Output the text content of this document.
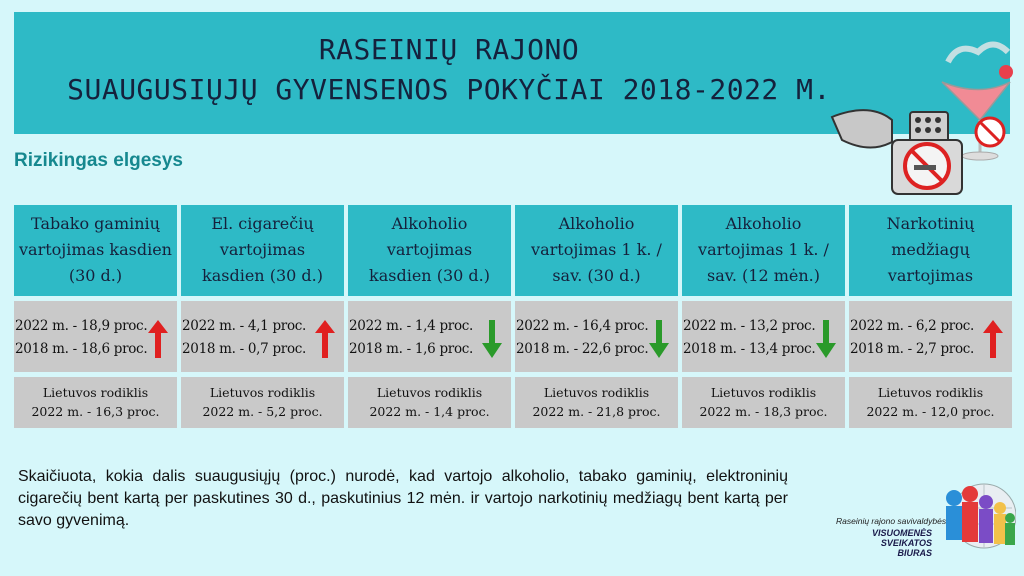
RASEINIŲ RAJONO
SUAUGUSIŲJŲ GYVENSENOS POKYČIAI 2018-2022 M.
Rizikingas elgesys
Tabako gaminių
vartojimas kasdien
(30 d.)
2022 m. - 18,9 proc.
2018 m. - 18,6 proc.
Lietuvos rodiklis
2022 m. - 16,3 proc.
El. cigarečių
vartojimas
kasdien (30 d.)
2022 m. - 4,1 proc.
2018 m. - 0,7 proc.
Lietuvos rodiklis
2022 m. - 5,2 proc.
Alkoholio
vartojimas
kasdien (30 d.)
2022 m. - 1,4 proc.
2018 m. - 1,6 proc.
Lietuvos rodiklis
2022 m. - 1,4 proc.
Alkoholio
vartojimas 1 k. /
sav. (30 d.)
2022 m. - 16,4 proc.
2018 m. - 22,6 proc.
Lietuvos rodiklis
2022 m. - 21,8 proc.
Alkoholio
vartojimas 1 k. /
sav. (12 mėn.)
2022 m. - 13,2 proc.
2018 m. - 13,4 proc.
Lietuvos rodiklis
2022 m. - 18,3 proc.
Narkotinių
medžiagų
vartojimas
2022 m. - 6,2 proc.
2018 m. - 2,7 proc.
Lietuvos rodiklis
2022 m. - 12,0 proc.
Skaičiuota, kokia dalis suaugusiųjų (proc.) nurodė, kad vartojo alkoholio, tabako gaminių, elektroninių cigarečių bent kartą per paskutines 30 d., paskutinius 12 mėn. ir vartojo narkotinių medžiagų bent kartą per savo gyvenimą.	Raseinių rajono savivaldybės
VISUOMENĖS
SVEIKATOS
BIURAS
